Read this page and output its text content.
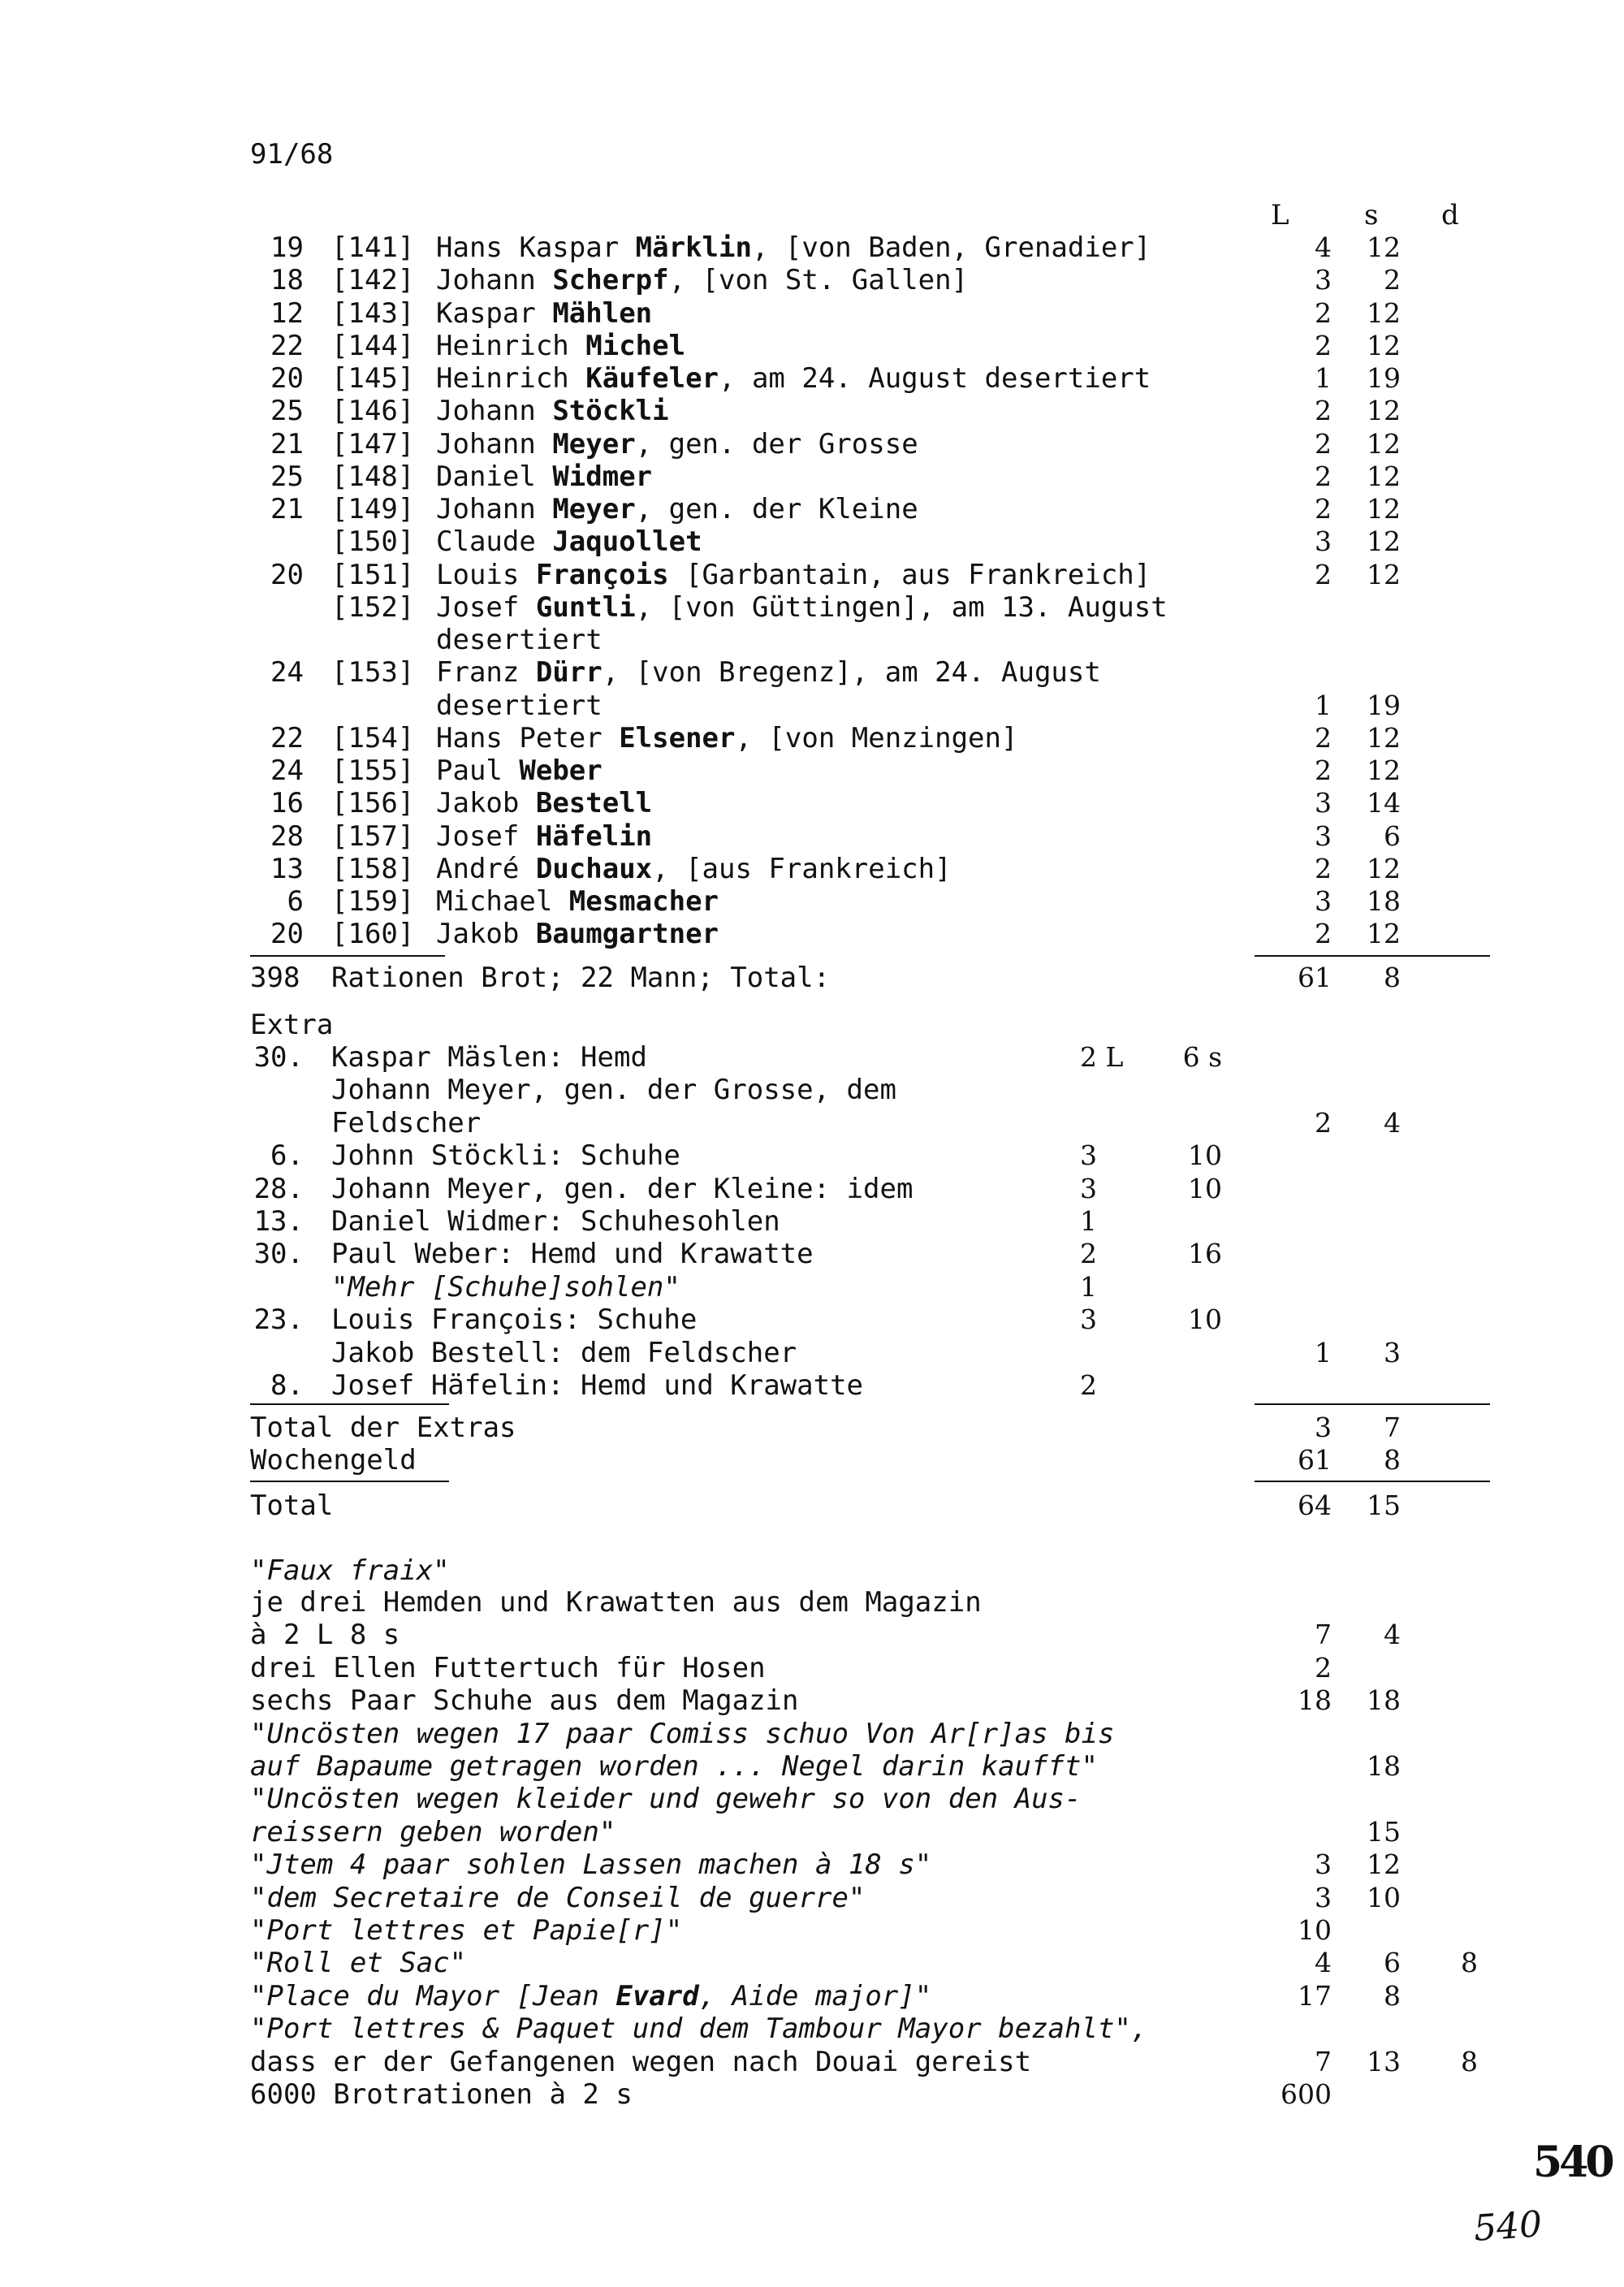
91/68
L	s d
19 [141] Hans Kaspar Märklin, [von Baden, Grenadier]	4	12
18 [142] Johann Scherpf, [von St. Gallen]	3	2
12 [143] Kaspar Mählen	2	12
22 [144] Heinrich Michel	2	12
20 [145] Heinrich Käufeler, am 24. August desertiert	1	19
25 [146] Johann Stöckli	2	12
21 [147] Johann Meyer, gen. der Grosse	2	12
25 [148] Daniel Widmer	2	12
21 [149] Johann Meyer, gen. der Kleine	2	12
[150] Claude Jaquollet	3	12
20 [151] Louis François [Garbantain, aus Frankreich]	2	12
[152] Josef Guntli, [von Güttingen], am 13. August
desertiert
24 [153] Franz Dürr, [von Bregenz], am 24. August
desertiert	1	19
22 [154] Hans Peter Elsener, [von Menzingen]	2	12
24 [155] Paul Weber	2	12
16 [156] Jakob Bestell	3	14
28 [157] Josef Häfelin	3	6
13 [158] André Duchaux, [aus Frankreich]	2	12
6 [159] Michael Mesmacher	3	18
20 [160] Jakob Baumgartner	2	12
398 Rationen Brot; 22 Mann; Total:	61	8
Extra
30. Kaspar Mäslen: Hemd	2 L	6 s
Johann Meyer, gen. der Grosse, dem
Feldscher	2	4
6. Johnn Stöckli: Schuhe	3	10
28. Johann Meyer, gen. der Kleine: idem	3	10
13. Daniel Widmer: Schuhesohlen	1
30. Paul Weber: Hemd und Krawatte	2	16
"Mehr [Schuhe]sohlen"	1
23. Louis François: Schuhe	3	10
Jakob Bestell: dem Feldscher	1	3
8. Josef Häfelin: Hemd und Krawatte	2
Total der Extras	3	7
Wochengeld	61	8
Total	64	15
"Faux fraix"
je drei Hemden und Krawatten aus dem Magazin
à 2 L 8 s	7	4
drei Ellen Futtertuch für Hosen	2
sechs Paar Schuhe aus dem Magazin	18	18
"Uncösten wegen 17 paar Comiss schuo Von Ar[r]as bis
auf Bapaume getragen worden ... Negel darin kaufft"	18
"Uncösten wegen kleider und gewehr so von den Aus-
reissern geben worden"	15
"Jtem 4 paar sohlen Lassen machen à 18 s"	3	12
"dem Secretaire de Conseil de guerre"	3	10
"Port lettres et Papie[r]"	10
"Roll et Sac"	4	6	8
"Place du Mayor [Jean Evard, Aide major]"	17	8
"Port lettres & Paquet und dem Tambour Mayor bezahlt",
dass er der Gefangenen wegen nach Douai gereist	7	13	8
6000 Brotrationen à 2 s	600
540
540
